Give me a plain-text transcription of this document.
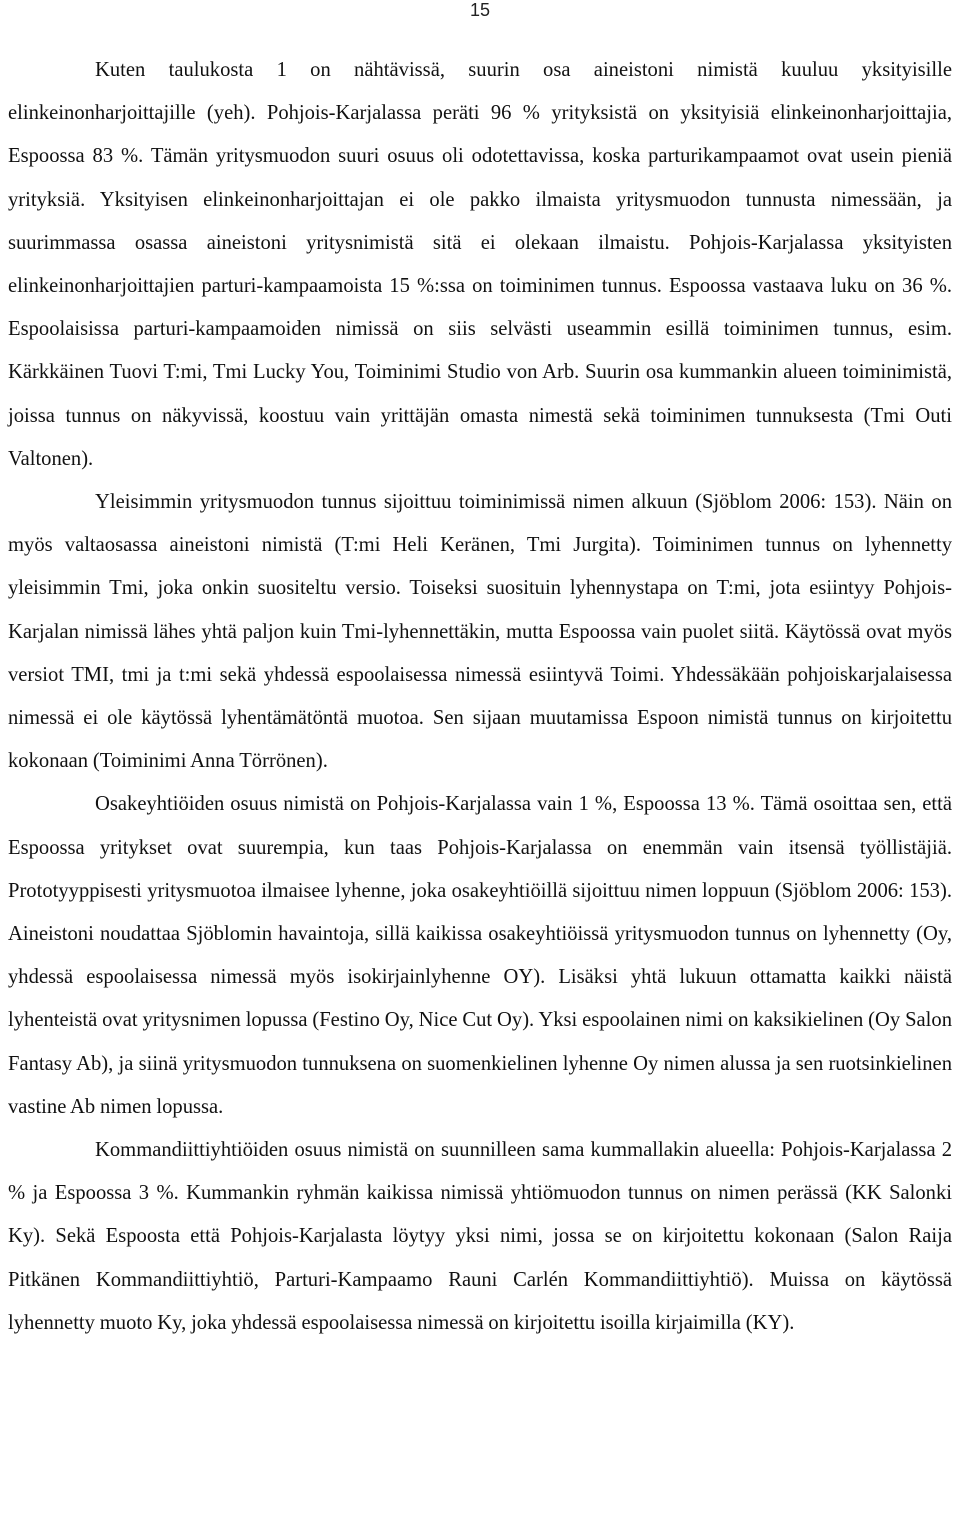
15

Kuten taulukosta 1 on nähtävissä, suurin osa aineistoni nimistä kuuluu yksityisille elinkeinonharjoittajille (yeh). Pohjois-Karjalassa peräti 96 % yrityksistä on yksityisiä elinkeinonharjoittajia, Espoossa 83 %. Tämän yritysmuodon suuri osuus oli odotettavissa, koska parturikampaamot ovat usein pieniä yrityksiä. Yksityisen elinkeinonharjoittajan ei ole pakko ilmaista yritysmuodon tunnusta nimessään, ja suurimmassa osassa aineistoni yritysnimistä sitä ei olekaan ilmaistu. Pohjois-Karjalassa yksityisten elinkeinonharjoittajien parturi-kampaamoista 15 %:ssa on toiminimen tunnus. Espoossa vastaava luku on 36 %. Espoolaisissa parturi-kampaamoiden nimissä on siis selvästi useammin esillä toiminimen tunnus, esim. Kärkkäinen Tuovi T:mi, Tmi Lucky You, Toiminimi Studio von Arb. Suurin osa kummankin alueen toiminimistä, joissa tunnus on näkyvissä, koostuu vain yrittäjän omasta nimestä sekä toiminimen tunnuksesta (Tmi Outi Valtonen).

Yleisimmin yritysmuodon tunnus sijoittuu toiminimissä nimen alkuun (Sjöblom 2006: 153). Näin on myös valtaosassa aineistoni nimistä (T:mi Heli Keränen, Tmi Jurgita). Toiminimen tunnus on lyhennetty yleisimmin Tmi, joka onkin suositeltu versio. Toiseksi suosituin lyhennystapa on T:mi, jota esiintyy Pohjois-Karjalan nimissä lähes yhtä paljon kuin Tmi-lyhennettäkin, mutta Espoossa vain puolet siitä. Käytössä ovat myös versiot TMI, tmi ja t:mi sekä yhdessä espoolaisessa nimessä esiintyvä Toimi. Yhdessäkään pohjoiskarjalaisessa nimessä ei ole käytössä lyhentämätöntä muotoa. Sen sijaan muutamissa Espoon nimistä tunnus on kirjoitettu kokonaan (Toiminimi Anna Törrönen).

Osakeyhtiöiden osuus nimistä on Pohjois-Karjalassa vain 1 %, Espoossa 13 %. Tämä osoittaa sen, että Espoossa yritykset ovat suurempia, kun taas Pohjois-Karjalassa on enemmän vain itsensä työllistäjiä. Prototyyppisesti yritysmuotoa ilmaisee lyhenne, joka osakeyhtiöillä sijoittuu nimen loppuun (Sjöblom 2006: 153). Aineistoni noudattaa Sjöblomin havaintoja, sillä kaikissa osakeyhtiöissä yritysmuodon tunnus on lyhennetty (Oy, yhdessä espoolaisessa nimessä myös isokirjainlyhenne OY). Lisäksi yhtä lukuun ottamatta kaikki näistä lyhenteistä ovat yritysnimen lopussa (Festino Oy, Nice Cut Oy). Yksi espoolainen nimi on kaksikielinen (Oy Salon Fantasy Ab), ja siinä yritysmuodon tunnuksena on suomenkielinen lyhenne Oy nimen alussa ja sen ruotsinkielinen vastine Ab nimen lopussa.

Kommandiittiyhtiöiden osuus nimistä on suunnilleen sama kummallakin alueella: Pohjois-Karjalassa 2 % ja Espoossa 3 %. Kummankin ryhmän kaikissa nimissä yhtiömuodon tunnus on nimen perässä (KK Salonki Ky). Sekä Espoosta että Pohjois-Karjalasta löytyy yksi nimi, jossa se on kirjoitettu kokonaan (Salon Raija Pitkänen Kommandiittiyhtiö, Parturi-Kampaamo Rauni Carlén Kommandiittiyhtiö). Muissa on käytössä lyhennetty muoto Ky, joka yhdessä espoolaisessa nimessä on kirjoitettu isoilla kirjaimilla (KY).
